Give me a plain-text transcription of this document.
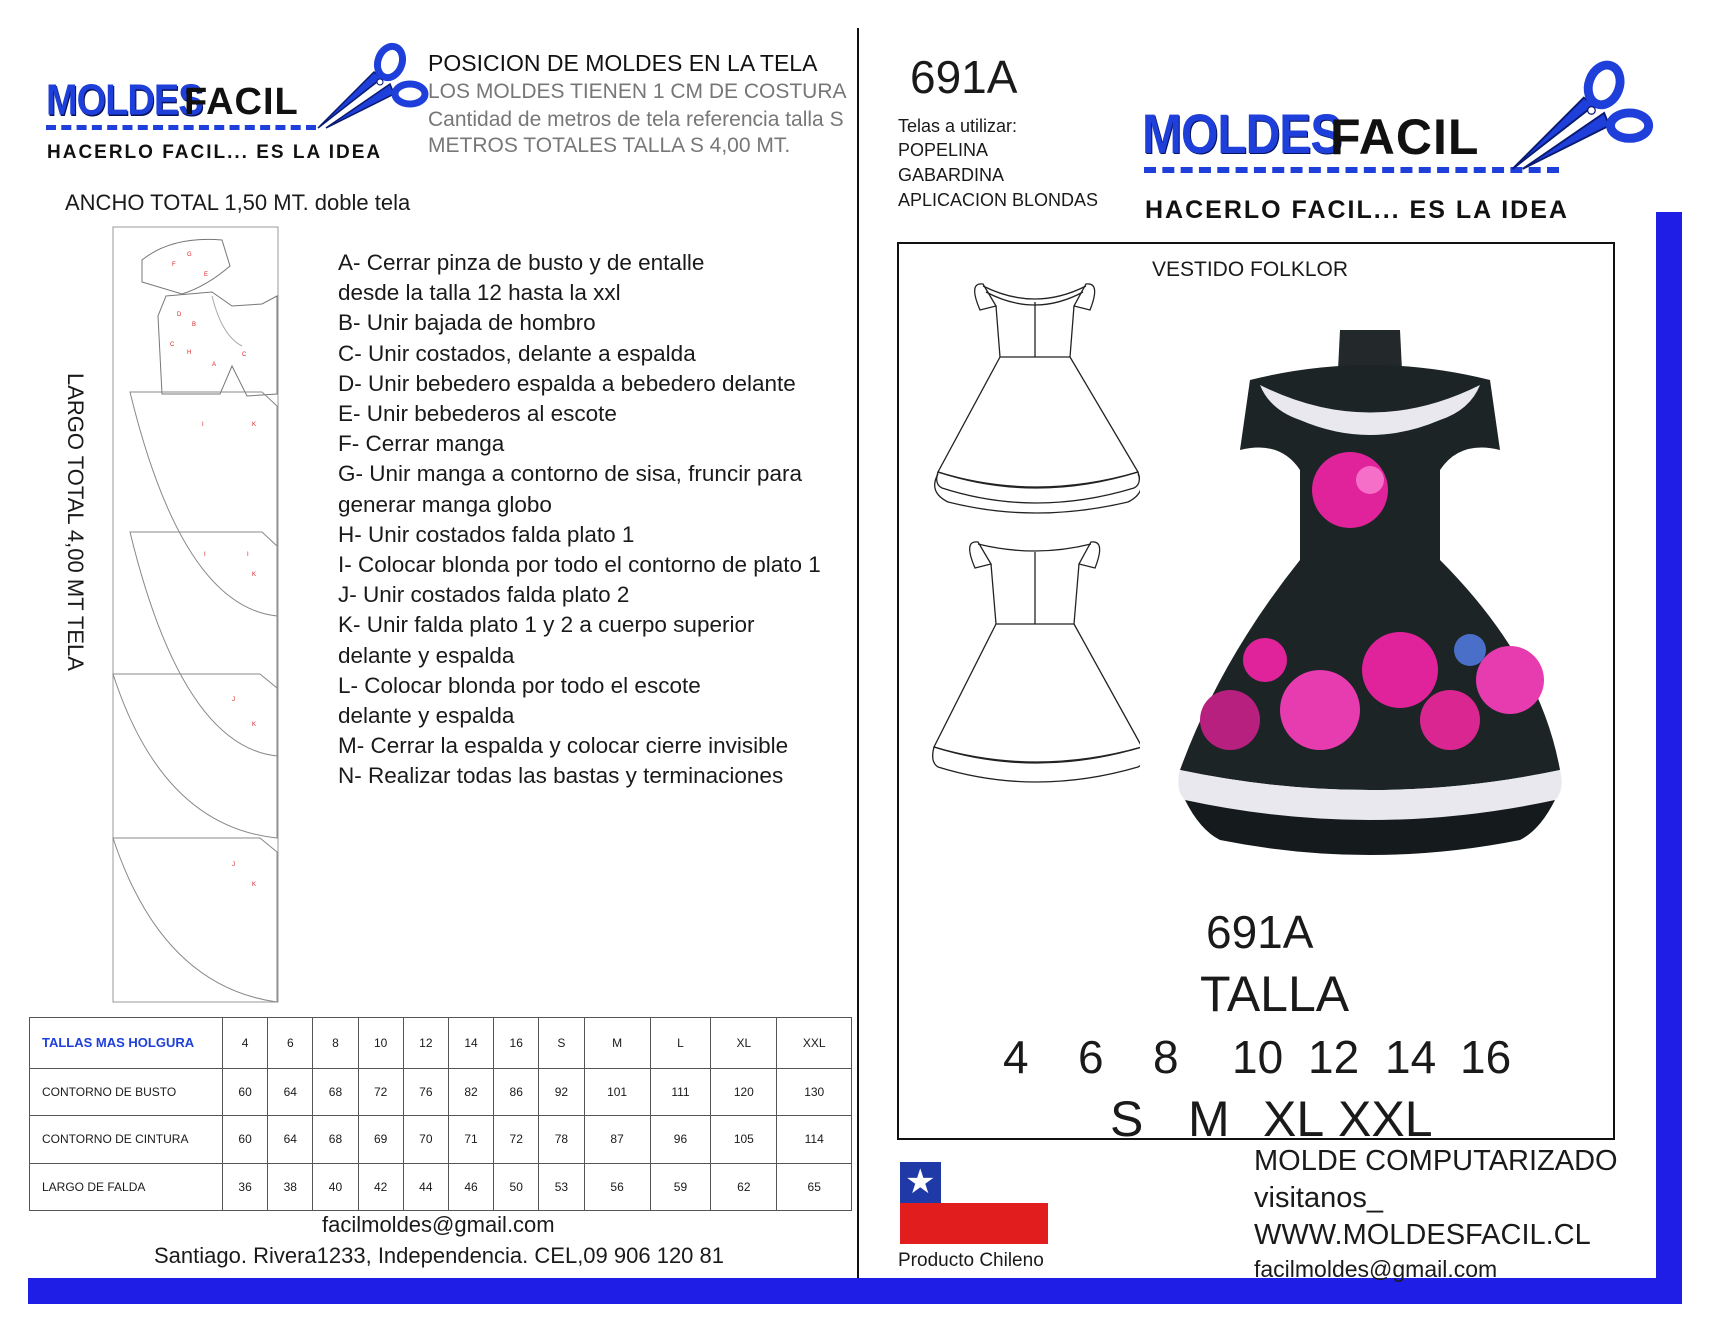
MOLDES
FACIL
HACERLO FACIL... ES LA IDEA
POSICION DE MOLDES EN LA TELA
LOS MOLDES TIENEN 1 CM DE COSTURA
Cantidad de metros de tela referencia talla S
METROS TOTALES TALLA S 4,00 MT.
ANCHO TOTAL 1,50 MT. doble tela
LARGO TOTAL 4,00 MT TELA
F
G
E
D
B
C
H
A
C
I	K
I
I
K
J
K
J
K
A- Cerrar pinza de busto y de entalle
desde la talla 12 hasta la xxl
B- Unir bajada de hombro
C- Unir costados, delante a espalda
D- Unir bebedero espalda a bebedero delante
E- Unir bebederos al escote
F- Cerrar manga
G- Unir manga a contorno de sisa, fruncir para
generar manga globo
H- Unir costados falda plato 1
I- Colocar blonda por todo el contorno de plato 1
J- Unir costados falda plato 2
K- Unir falda plato 1 y 2 a cuerpo superior
delante y espalda
L- Colocar blonda por todo el escote
delante y espalda
M- Cerrar la espalda y colocar cierre invisible
N- Realizar todas las bastas y terminaciones
TALLAS MAS HOLGURA	4	6	8	10	12	14	16	S	M	L	XL	XXL
CONTORNO DE BUSTO	60	64	68	72	76	82	86	92	101	111	120	130
CONTORNO DE CINTURA	60	64	68	69	70	71	72	78	87	96	105	114
LARGO DE FALDA	36	38	40	42	44	46	50	53	56	59	62	65
facilmoldes@gmail.com
Santiago. Rivera1233, Independencia. CEL,09 906 120 81
691A
Telas a utilizar:
POPELINA
GABARDINA
APLICACION BLONDAS
MOLDES
FACIL
HACERLO FACIL... ES LA IDEA
VESTIDO FOLKLOR
691A
TALLA
4 6 8 10 12 14 16
S M XL XXL
★
Producto Chileno
MOLDE COMPUTARIZADO
visitanos_
WWW.MOLDESFACIL.CL
facilmoldes@gmail.com
